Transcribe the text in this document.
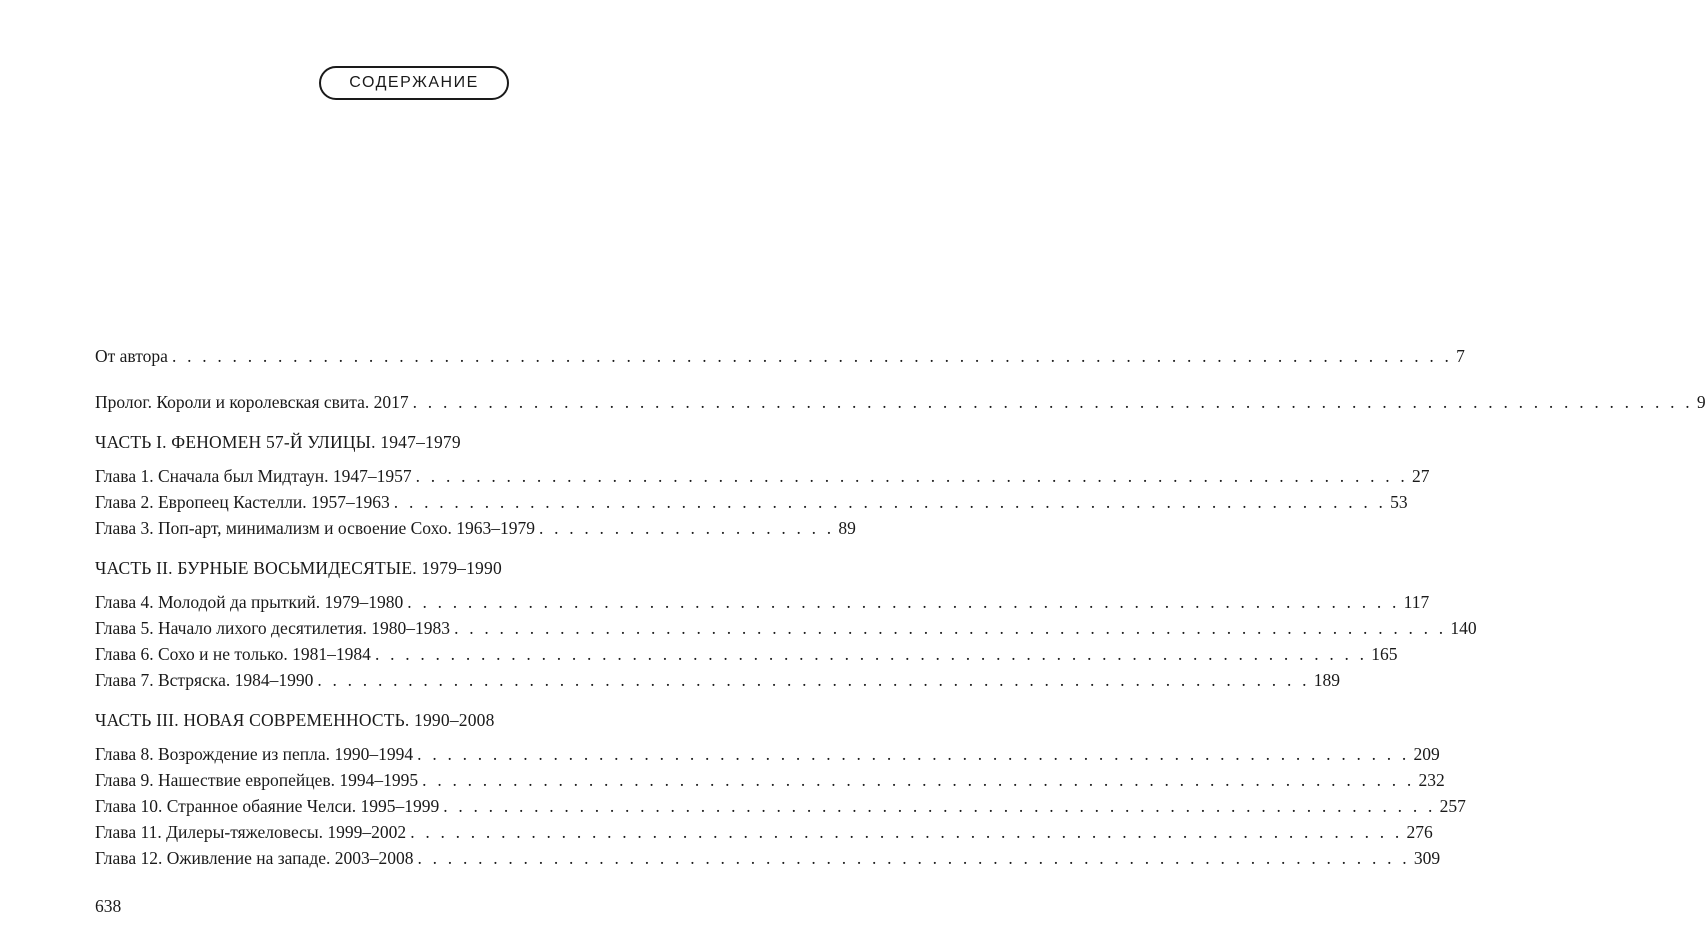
СОДЕРЖАНИЕ
От автора . . . . . . . . . . . . . . . . . . . . . . . . . . . . . . . . . . . . . . . . . . . . . . . . . . . . . . . . . . . . . . . . . . . . . . . . . . . . . . . . . . . . . 7
Пролог. Короли и королевская свита. 2017 . . . . . . . . . . . . . . . . . . . . . . . . . . . . . . . . . . . . . . . . . . . . . . . . . . . . . . . . . . . . . . . . . . . . . . . . . . . . . . . . . . . . . 9
ЧАСТЬ I. ФЕНОМЕН 57-Й УЛИЦЫ. 1947–1979
Глава 1. Сначала был Мидтаун. 1947–1957 . . . . . . . . . . . . . . . . . . . . . . . . . . . . . . . . . . . . . . . . . . . . . . . . . . . . . . . . . . . . . . . . . . 27
Глава 2. Европеец Кастелли. 1957–1963 . . . . . . . . . . . . . . . . . . . . . . . . . . . . . . . . . . . . . . . . . . . . . . . . . . . . . . . . . . . . . . . . . . 53
Глава 3. Поп-арт, минимализм и освоение Сохо. 1963–1979 . . . . . . . . . . . . . . . . . . . . 89
ЧАСТЬ II. БУРНЫЕ ВОСЬМИДЕСЯТЫЕ. 1979–1990
Глава 4. Молодой да прыткий. 1979–1980 . . . . . . . . . . . . . . . . . . . . . . . . . . . . . . . . . . . . . . . . . . . . . . . . . . . . . . . . . . . . . . . . . . 117
Глава 5. Начало лихого десятилетия. 1980–1983 . . . . . . . . . . . . . . . . . . . . . . . . . . . . . . . . . . . . . . . . . . . . . . . . . . . . . . . . . . . . . . . . . . 140
Глава 6. Сохо и не только. 1981–1984 . . . . . . . . . . . . . . . . . . . . . . . . . . . . . . . . . . . . . . . . . . . . . . . . . . . . . . . . . . . . . . . . . . 165
Глава 7. Встряска. 1984–1990 . . . . . . . . . . . . . . . . . . . . . . . . . . . . . . . . . . . . . . . . . . . . . . . . . . . . . . . . . . . . . . . . . . 189
ЧАСТЬ III. НОВАЯ СОВРЕМЕННОСТЬ. 1990–2008
Глава 8. Возрождение из пепла. 1990–1994 . . . . . . . . . . . . . . . . . . . . . . . . . . . . . . . . . . . . . . . . . . . . . . . . . . . . . . . . . . . . . . . . . . 209
Глава 9. Нашествие европейцев. 1994–1995 . . . . . . . . . . . . . . . . . . . . . . . . . . . . . . . . . . . . . . . . . . . . . . . . . . . . . . . . . . . . . . . . . . 232
Глава 10. Странное обаяние Челси. 1995–1999 . . . . . . . . . . . . . . . . . . . . . . . . . . . . . . . . . . . . . . . . . . . . . . . . . . . . . . . . . . . . . . . . . . 257
Глава 11. Дилеры-тяжеловесы. 1999–2002 . . . . . . . . . . . . . . . . . . . . . . . . . . . . . . . . . . . . . . . . . . . . . . . . . . . . . . . . . . . . . . . . . . 276
Глава 12. Оживление на западе. 2003–2008 . . . . . . . . . . . . . . . . . . . . . . . . . . . . . . . . . . . . . . . . . . . . . . . . . . . . . . . . . . . . . . . . . . 309
638
